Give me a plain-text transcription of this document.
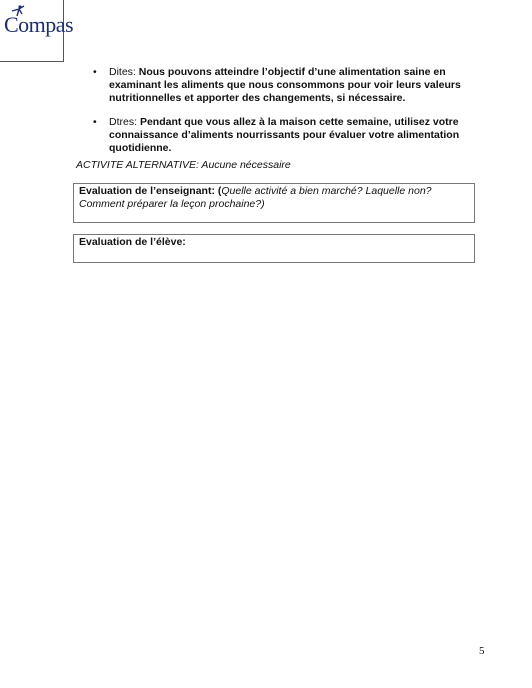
Compas
• Dites: Nous pouvons atteindre l’objectif d’une alimentation saine en examinant les aliments que nous consommons pour voir leurs valeurs nutritionnelles et apporter des changements, si nécessaire.
• Dtres: Pendant que vous allez à la maison cette semaine, utilisez votre connaissance d’aliments nourrissants pour évaluer votre alimentation quotidienne.
ACTIVITE ALTERNATIVE: Aucune nécessaire
Evaluation de l’enseignant: (Quelle activité a bien marché? Laquelle non? Comment préparer la leçon prochaine?)
Evaluation de l’élève:
5
